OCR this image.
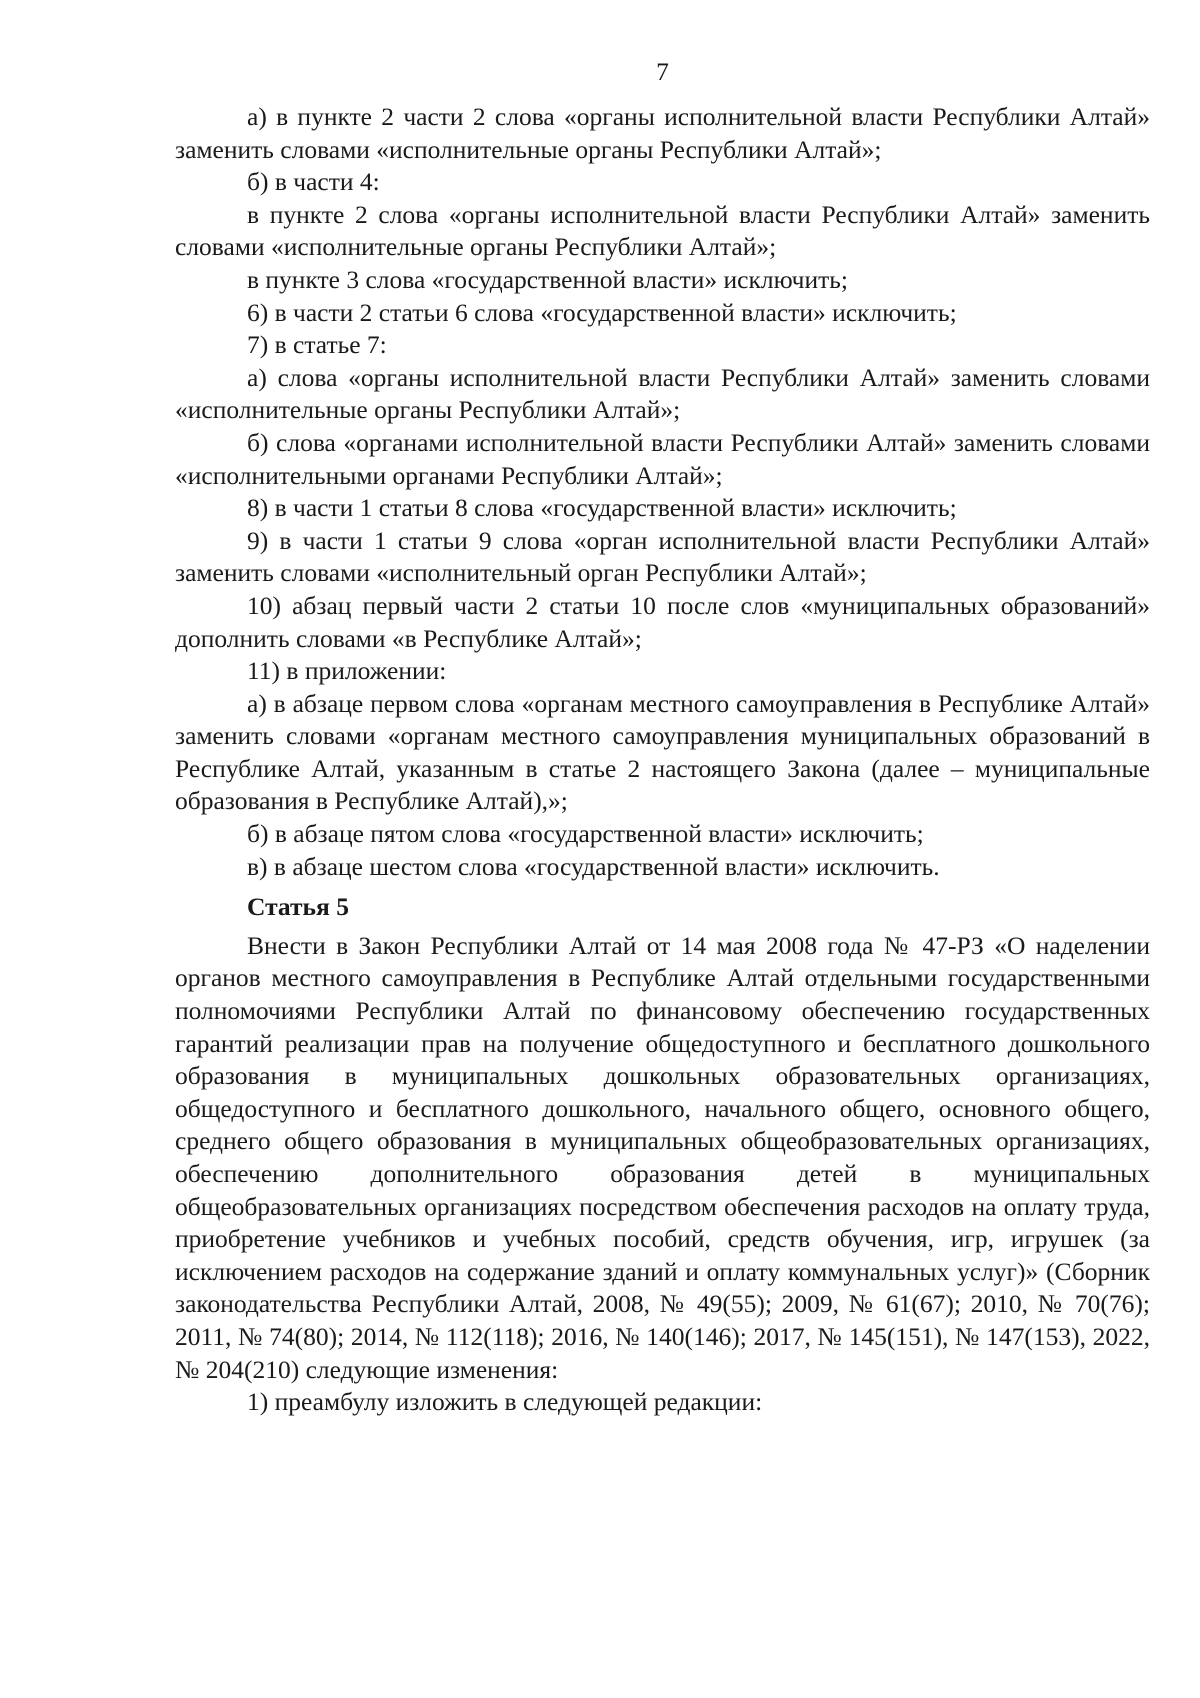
7

а) в пункте 2 части 2 слова «органы исполнительной власти Республики Алтай» заменить словами «исполнительные органы Республики Алтай»;

б) в части 4:

в пункте 2 слова «органы исполнительной власти Республики Алтай» заменить словами «исполнительные органы Республики Алтай»;

в пункте 3 слова «государственной власти» исключить;

6) в части 2 статьи 6 слова «государственной власти» исключить;

7) в статье 7:

а) слова «органы исполнительной власти Республики Алтай» заменить словами «исполнительные органы Республики Алтай»;

б) слова «органами исполнительной власти Республики Алтай» заменить словами «исполнительными органами Республики Алтай»;

8) в части 1 статьи 8 слова «государственной власти» исключить;

9) в части 1 статьи 9 слова «орган исполнительной власти Республики Алтай» заменить словами «исполнительный орган Республики Алтай»;

10) абзац первый части 2 статьи 10 после слов «муниципальных образований» дополнить словами «в Республике Алтай»;

11) в приложении:

а) в абзаце первом слова «органам местного самоуправления в Республике Алтай» заменить словами «органам местного самоуправления муниципальных образований в Республике Алтай, указанным в статье 2 настоящего Закона (далее – муниципальные образования в Республике Алтай),»;

б) в абзаце пятом слова «государственной власти» исключить;

в) в абзаце шестом слова «государственной власти» исключить.

Статья 5

Внести в Закон Республики Алтай от 14 мая 2008 года № 47-РЗ «О наделении органов местного самоуправления в Республике Алтай отдельными государственными полномочиями Республики Алтай по финансовому обеспечению государственных гарантий реализации прав на получение общедоступного и бесплатного дошкольного образования в муниципальных дошкольных образовательных организациях, общедоступного и бесплатного дошкольного, начального общего, основного общего, среднего общего образования в муниципальных общеобразовательных организациях, обеспечению дополнительного образования детей в муниципальных общеобразовательных организациях посредством обеспечения расходов на оплату труда, приобретение учебников и учебных пособий, средств обучения, игр, игрушек (за исключением расходов на содержание зданий и оплату коммунальных услуг)» (Сборник законодательства Республики Алтай, 2008, № 49(55); 2009, № 61(67); 2010, № 70(76); 2011, № 74(80); 2014, № 112(118); 2016, № 140(146); 2017, № 145(151), № 147(153), 2022, № 204(210) следующие изменения:

1) преамбулу изложить в следующей редакции:
